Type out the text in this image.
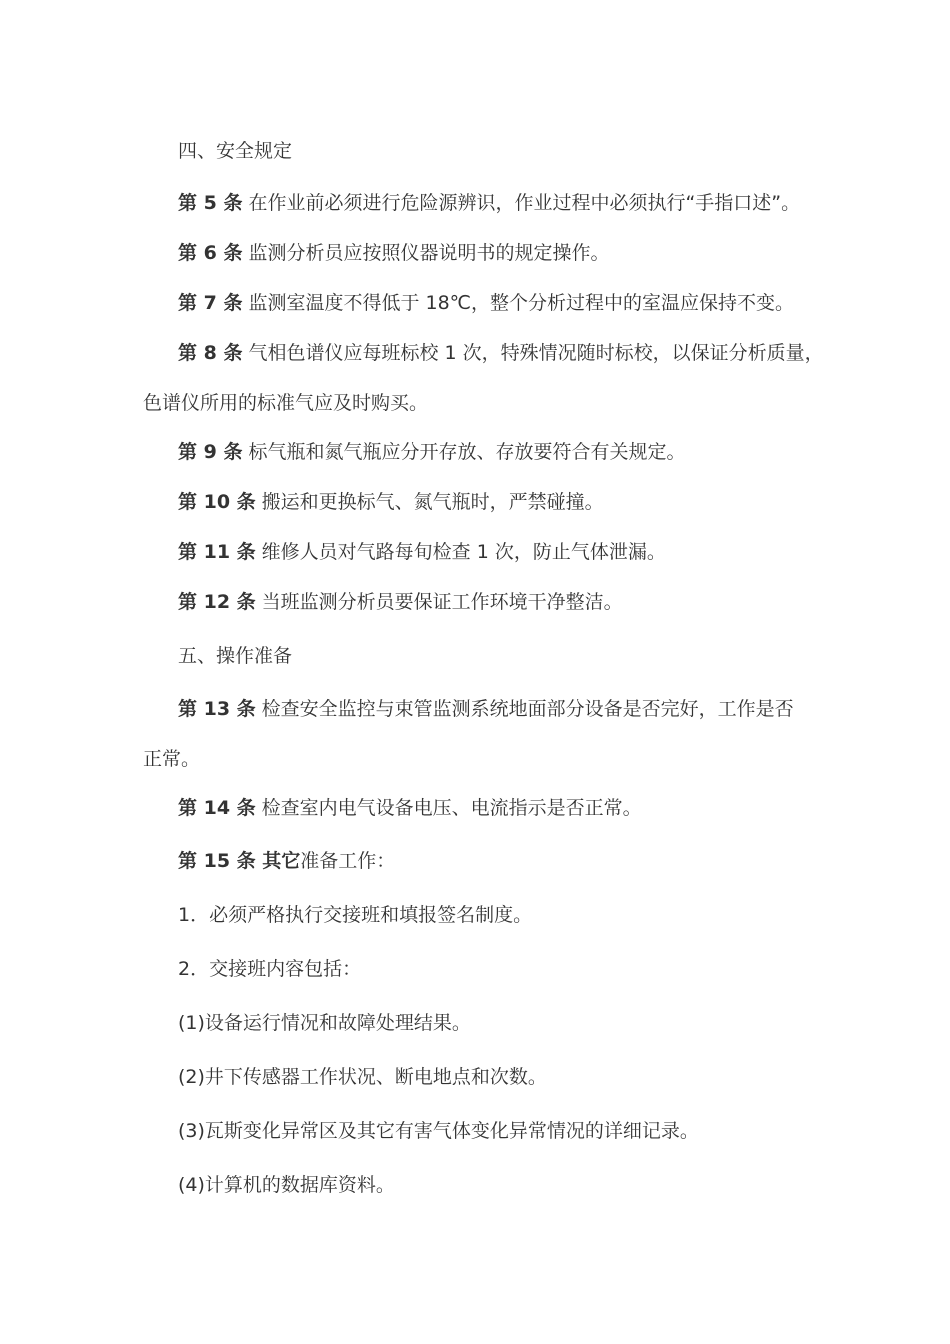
四、安全规定
第 5 条 在作业前必须进行危险源辨识，作业过程中必须执行“手指口述”。
第 6 条 监测分析员应按照仪器说明书的规定操作。
第 7 条 监测室温度不得低于 18℃，整个分析过程中的室温应保持不变。
第 8 条 气相色谱仪应每班标校 1 次，特殊情况随时标校，以保证分析质量，
色谱仪所用的标准气应及时购买。
第 9 条 标气瓶和氮气瓶应分开存放、存放要符合有关规定。
第 10 条 搬运和更换标气、氮气瓶时，严禁碰撞。
第 11 条 维修人员对气路每旬检查 1 次，防止气体泄漏。
第 12 条 当班监测分析员要保证工作环境干净整洁。
五、操作准备
第 13 条 检查安全监控与束管监测系统地面部分设备是否完好，工作是否
正常。
第 14 条 检查室内电气设备电压、电流指示是否正常。
第 15 条 其它准备工作：
1．必须严格执行交接班和填报签名制度。
2．交接班内容包括：
(1)设备运行情况和故障处理结果。
(2)井下传感器工作状况、断电地点和次数。
(3)瓦斯变化异常区及其它有害气体变化异常情况的详细记录。
(4)计算机的数据库资料。
